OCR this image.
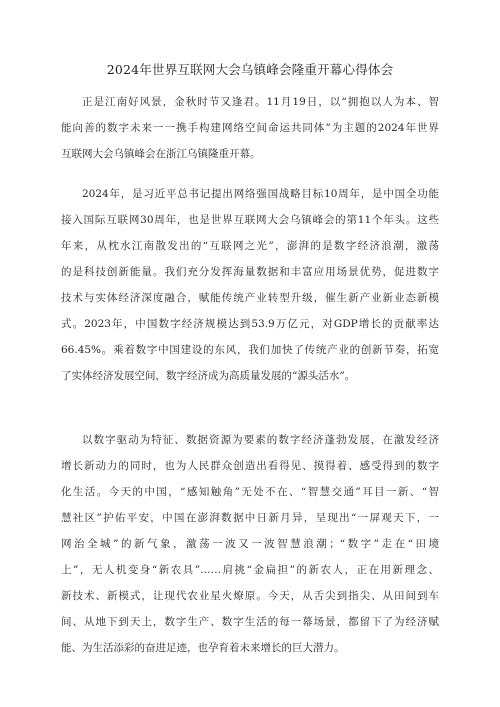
2024年世界互联网大会乌镇峰会隆重开幕心得体会
正是江南好风景，金秋时节又逢君。11月19日，以“拥抱以人为本、智
能向善的数字未来一一携手构建网络空间命运共同体”为主题的2024年世界
互联网大会乌镇峰会在浙江乌镇隆重开幕。
2024年，是习近平总书记提出网络强国战略目标10周年，是中国全功能
接入国际互联网30周年，也是世界互联网大会乌镇峰会的第11个年头。这些
年来，从枕水江南散发出的“互联网之光”，澎湃的是数字经济浪潮，激荡
的是科技创新能量。我们充分发挥海量数据和丰富应用场景优势，促进数字
技术与实体经济深度融合，赋能传统产业转型升级，催生新产业新业态新模
式。2023年，中国数字经济规模达到53.9万亿元，对GDP增长的贡献率达
66.45%。乘着数字中国建设的东风，我们加快了传统产业的创新节奏，拓宽
了实体经济发展空间，数字经济成为高质量发展的“源头活水”。
以数字驱动为特征、数据资源为要素的数字经济蓬勃发展，在激发经济
增长新动力的同时，也为人民群众创造出看得见、摸得着、感受得到的数字
化生活。今天的中国，“感知触角”无处不在、“智慧交通”耳目一新、“智
慧社区”护佑平安，中国在澎湃数据中日新月异，呈现出“一屏观天下，一
网治全城”的新气象，激荡一波又一波智慧浪潮；“数字”走在“田境
上”，无人机变身“新农具”……肩挑“金扁担”的新农人，正在用新理念、
新技术、新模式，让现代农业星火燎原。今天，从舌尖到指尖、从田间到车
间、从地下到天上，数字生产、数字生活的每一幕场景，都留下了为经济赋
能、为生活添彩的奋进足迹，也孕育着未来增长的巨大潜力。
